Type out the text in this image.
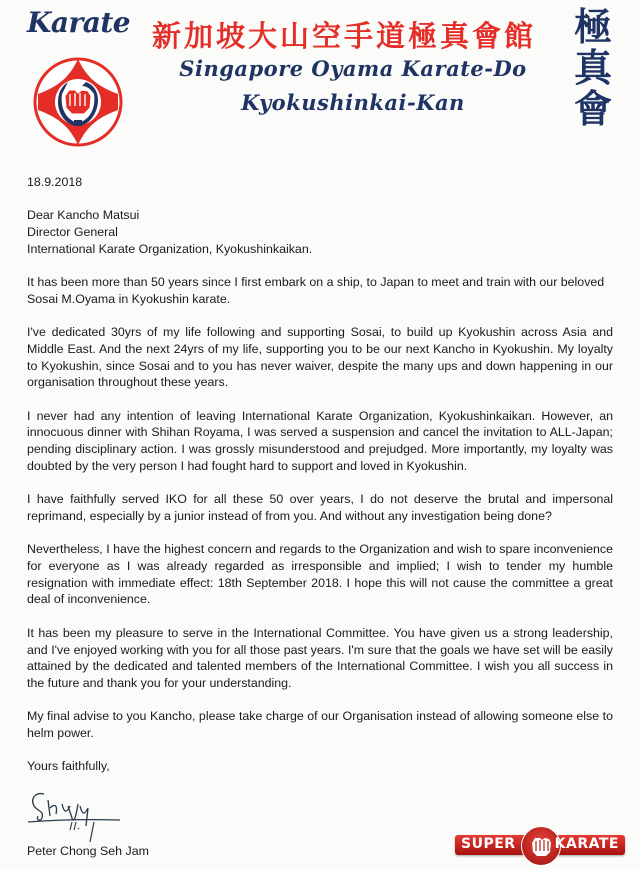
Karate 新加坡大山空手道極真會館
Singapore Oyama Karate-Do
Kyokushinkai-Kan
極
真
會

18.9.2018

Dear Kancho Matsui
Director General
International Karate Organization, Kyokushinkaikan.

It has been more than 50 years since I first embark on a ship, to Japan to meet and train with our beloved Sosai M.Oyama in Kyokushin karate.

I've dedicated 30yrs of my life following and supporting Sosai, to build up Kyokushin across Asia and Middle East. And the next 24yrs of my life, supporting you to be our next Kancho in Kyokushin. My loyalty to Kyokushin, since Sosai and to you has never waiver, despite the many ups and down happening in our organisation throughout these years.

I never had any intention of leaving International Karate Organization, Kyokushinkaikan. However, an innocuous dinner with Shihan Royama, I was served a suspension and cancel the invitation to ALL-Japan; pending disciplinary action. I was grossly misunderstood and prejudged. More importantly, my loyalty was doubted by the very person I had fought hard to support and loved in Kyokushin.

I have faithfully served IKO for all these 50 over years, I do not deserve the brutal and impersonal reprimand, especially by a junior instead of from you. And without any investigation being done?

Nevertheless, I have the highest concern and regards to the Organization and wish to spare inconvenience for everyone as I was already regarded as irresponsible and implied; I wish to tender my humble resignation with immediate effect: 18th September 2018. I hope this will not cause the committee a great deal of inconvenience.

It has been my pleasure to serve in the International Committee. You have given us a strong leadership, and I've enjoyed working with you for all those past years. I'm sure that the goals we have set will be easily attained by the dedicated and talented members of the International Committee. I wish you all success in the future and thank you for your understanding.

My final advise to you Kancho, please take charge of our Organisation instead of allowing someone else to helm power.

Yours faithfully,

Peter Chong Seh Jam	SUPER	KARATE
